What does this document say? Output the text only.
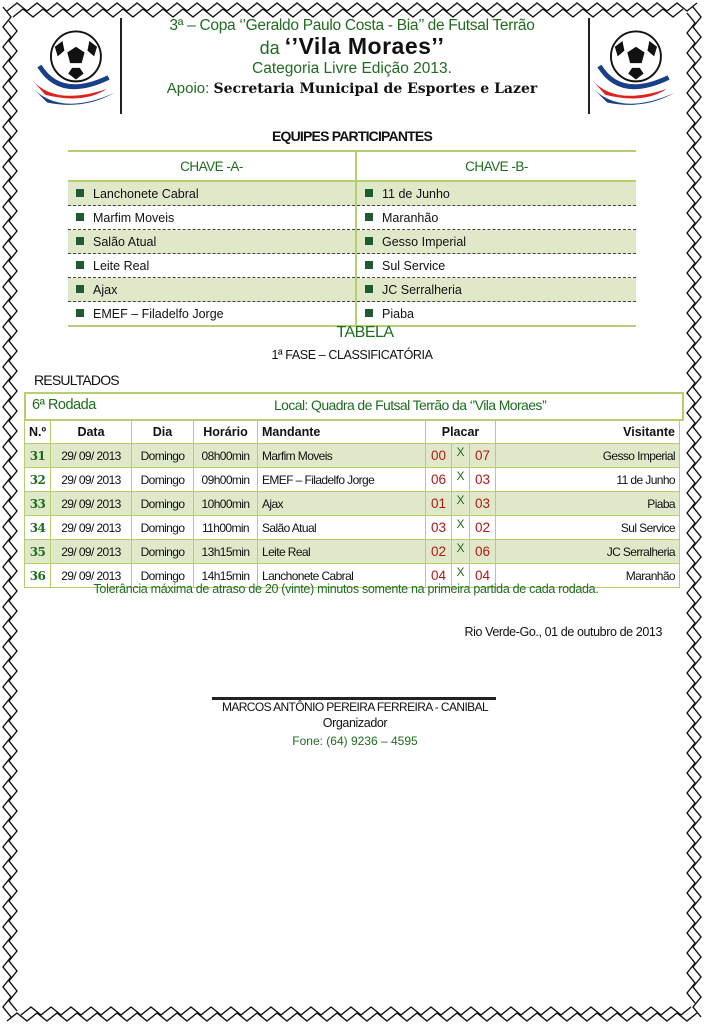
3ª – Copa ‘’Geraldo Paulo Costa - Bia’’ de Futsal Terrão
da ‘’Vila Moraes’’
Categoria Livre Edição 2013.
Apoio: Secretaria Municipal de Esportes e Lazer
EQUIPES PARTICIPANTES
CHAVE -A-	CHAVE -B-
Lanchonete Cabral	11 de Junho
Marfim Moveis	Maranhão
Salão Atual	Gesso Imperial
Leite Real	Sul Service
Ajax	JC Serralheria
EMEF – Filadelfo Jorge	Piaba
TABELA
1ª FASE – CLASSIFICATÓRIA
RESULTADOS
6ª Rodada	Local: Quadra de Futsal Terrão da ‘’Vila Moraes’’
N.º	Data	Dia	Horário	Mandante	Placar			Visitante
31	29/ 09/ 2013	Domingo	08h00min	Marfim Moveis	00	X	07	Gesso Imperial
32	29/ 09/ 2013	Domingo	09h00min	EMEF – Filadelfo Jorge	06	X	03	11 de Junho
33	29/ 09/ 2013	Domingo	10h00min	Ajax	01	X	03	Piaba
34	29/ 09/ 2013	Domingo	11h00min	Salão Atual	03	X	02	Sul Service
35	29/ 09/ 2013	Domingo	13h15min	Leite Real	02	X	06	JC Serralheria
36	29/ 09/ 2013	Domingo	14h15min	Lanchonete Cabral	04	X	04	Maranhão
Tolerância máxima de atraso de 20 (vinte) minutos somente na primeira partida de cada rodada.
Rio Verde-Go., 01 de outubro de 2013
MARCOS ANTÔNIO PEREIRA FERREIRA - CANIBAL
Organizador
Fone: (64) 9236 – 4595
